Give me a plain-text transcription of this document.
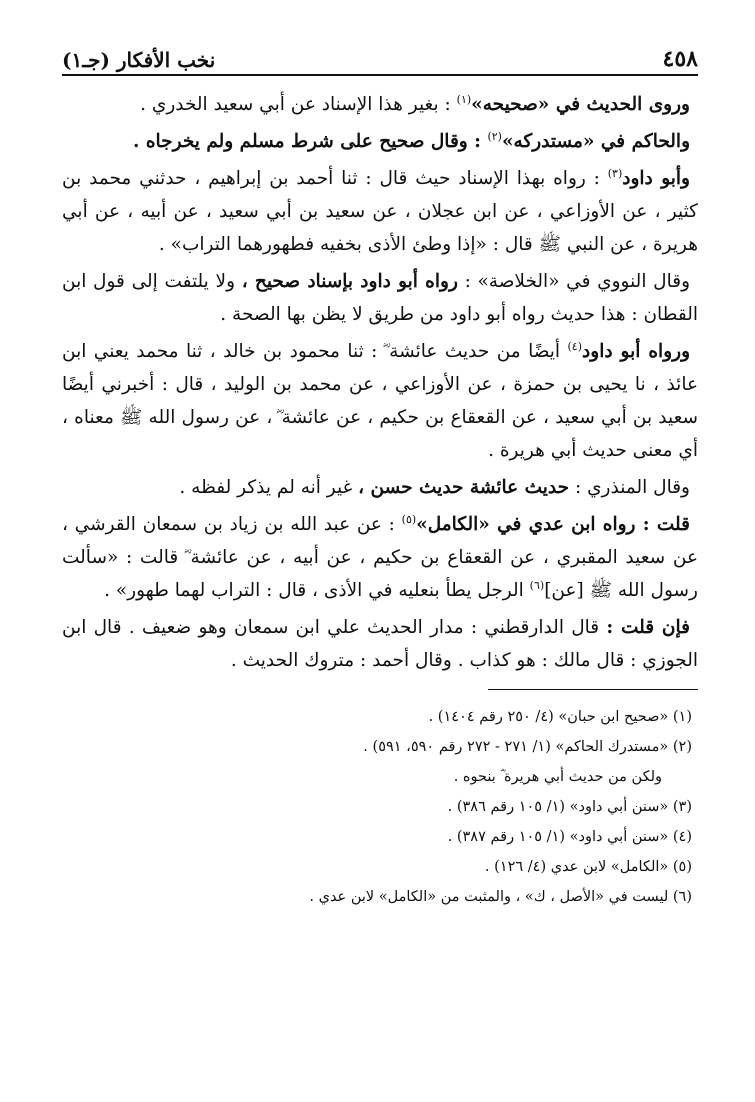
٤٥٨
نخب الأفكار (جـ١)

وروى الحديث في «صحيحه»$^{(١)}$ : بغير هذا الإسناد عن أبي سعيد الخدري .

والحاكم في «مستدركه»$^{(٢)}$ : وقال صحيح على شرط مسلم ولم يخرجاه .

وأبو داود$^{(٣)}$ : رواه بهذا الإسناد حيث قال : ثنا أحمد بن إبراهيم ، حدثني محمد بن كثير ، عن الأوزاعي ، عن ابن عجلان ، عن سعيد بن أبي سعيد ، عن أبيه ، عن أبي هريرة ، عن النبي ﷺ قال : «إذا وطئ الأذى بخفيه فطهورهما التراب» .

وقال النووي في «الخلاصة» : رواه أبو داود بإسناد صحيح ، ولا يلتفت إلى قول ابن القطان : هذا حديث رواه أبو داود من طريق لا يظن بها الصحة .

ورواه أبو داود$^{(٤)}$ أيضًا من حديث عائشة ؓ : ثنا محمود بن خالد ، ثنا محمد يعني ابن عائذ ، نا يحيى بن حمزة ، عن الأوزاعي ، عن محمد بن الوليد ، قال : أخبرني أيضًا سعيد بن أبي سعيد ، عن القعقاع بن حكيم ، عن عائشة ؓ ، عن رسول الله ﷺ معناه ، أي معنى حديث أبي هريرة .

وقال المنذري : حديث عائشة حديث حسن ، غير أنه لم يذكر لفظه .

قلت : رواه ابن عدي في «الكامل»$^{(٥)}$ : عن عبد الله بن زياد بن سمعان القرشي ، عن سعيد المقبري ، عن القعقاع بن حكيم ، عن أبيه ، عن عائشة ؓ قالت : «سألت رسول الله ﷺ [عن]$^{(٦)}$ الرجل يطأ بنعليه في الأذى ، قال : التراب لهما طهور» .

فإن قلت : قال الدارقطني : مدار الحديث علي ابن سمعان وهو ضعيف . قال ابن الجوزي : قال مالك : هو كذاب . وقال أحمد : متروك الحديث .

(١) «صحيح ابن حبان» (٤/ ٢٥٠ رقم ١٤٠٤) .
(٢) «مستدرك الحاكم» (١/ ٢٧١ - ٢٧٢ رقم ٥٩٠، ٥٩١) .
ولكن من حديث أبي هريرة ؓ بنحوه .
(٣) «سنن أبي داود» (١/ ١٠٥ رقم ٣٨٦) .
(٤) «سنن أبي داود» (١/ ١٠٥ رقم ٣٨٧) .
(٥) «الكامل» لابن عدي (٤/ ١٢٦) .
(٦) ليست في «الأصل ، ك» ، والمثبت من «الكامل» لابن عدي .
